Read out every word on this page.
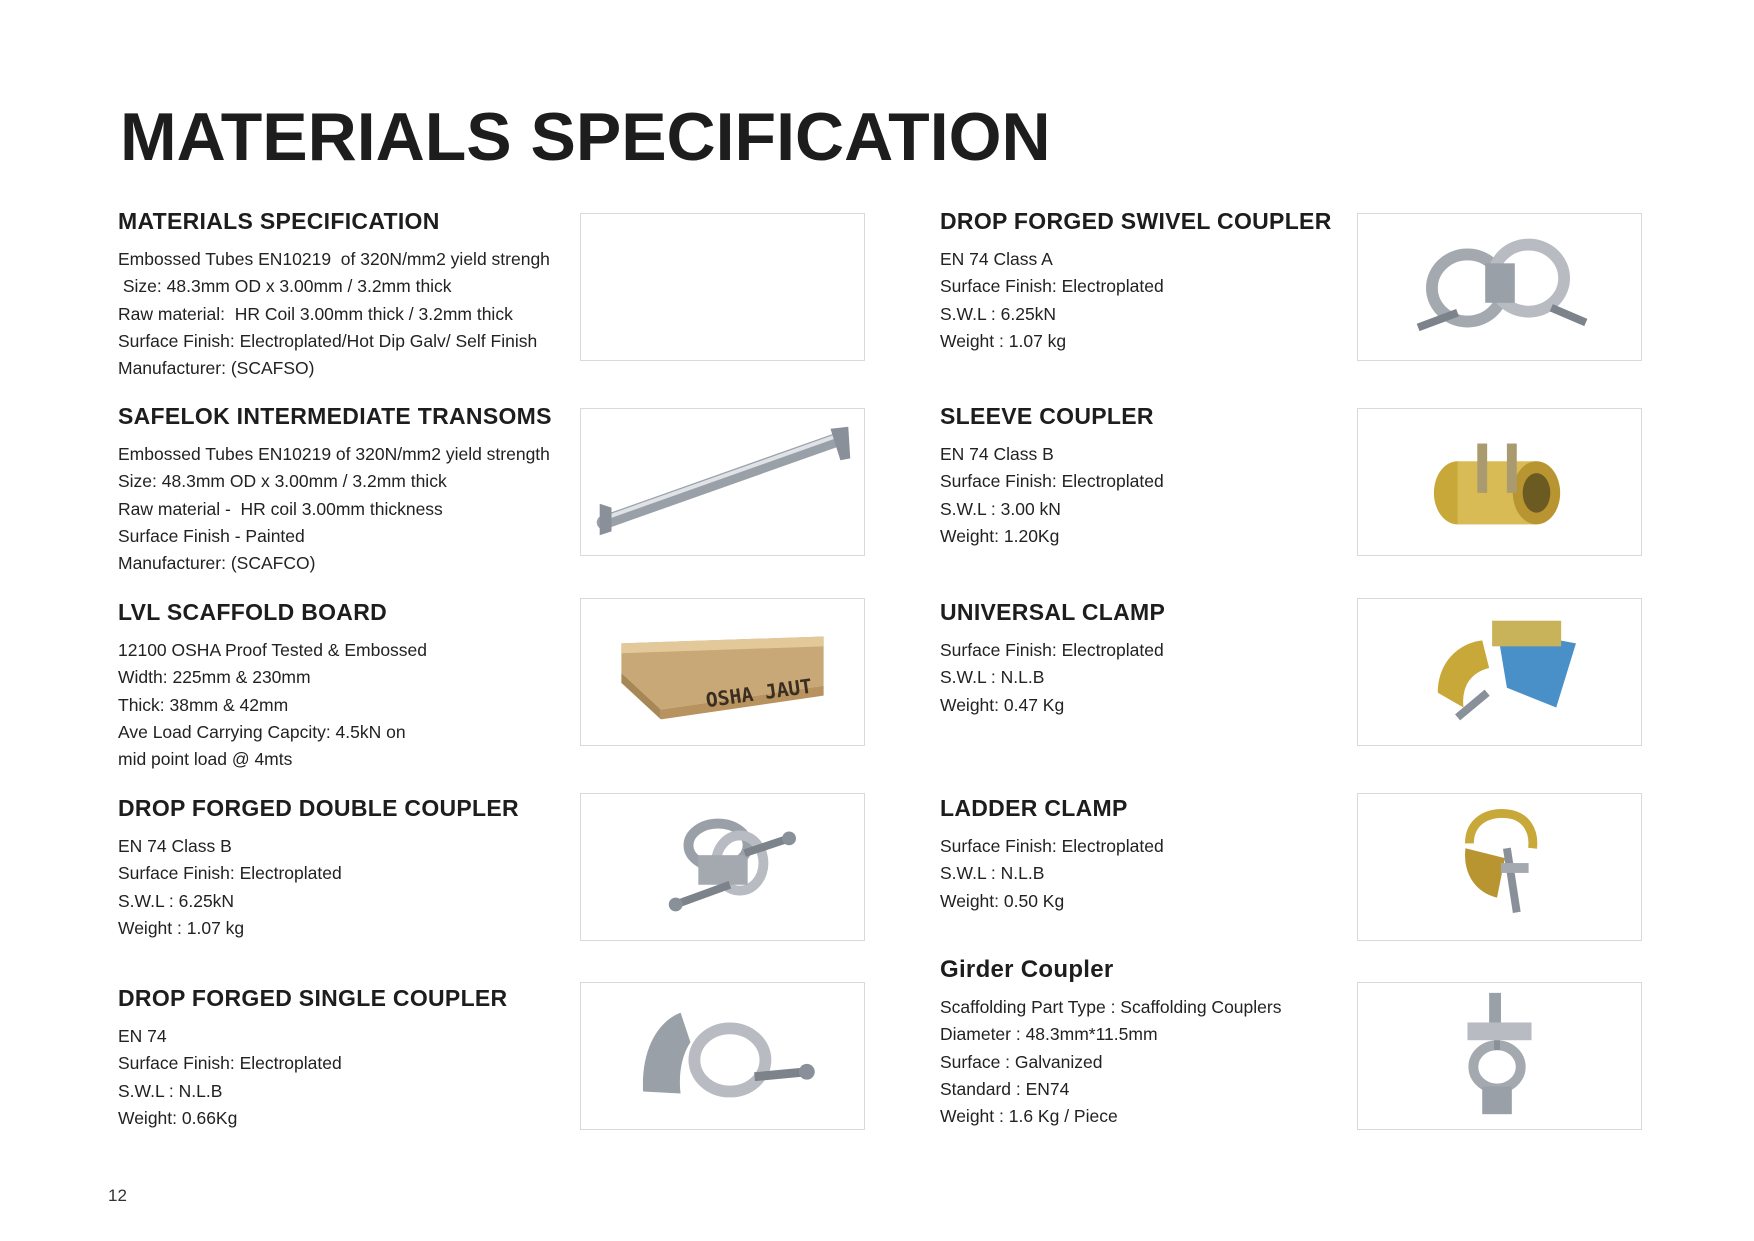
MATERIALS SPECIFICATION
MATERIALS SPECIFICATION
Embossed Tubes EN10219  of 320N/mm2 yield strengh
Size: 48.3mm OD x 3.00mm / 3.2mm thick
Raw material:  HR Coil 3.00mm thick / 3.2mm thick
Surface Finish: Electroplated/Hot Dip Galv/ Self Finish
Manufacturer: (SCAFSO)
SAFELOK INTERMEDIATE TRANSOMS
Embossed Tubes EN10219 of 320N/mm2 yield strength
Size: 48.3mm OD x 3.00mm / 3.2mm thick
Raw material -  HR coil 3.00mm thickness
Surface Finish - Painted
Manufacturer: (SCAFCO)
LVL SCAFFOLD BOARD
12100 OSHA Proof Tested & Embossed
Width: 225mm & 230mm
Thick: 38mm & 42mm
Ave Load Carrying Capcity: 4.5kN on
mid point load @ 4mts
OSHA JAUT
DROP FORGED DOUBLE COUPLER
EN 74 Class B
Surface Finish: Electroplated
S.W.L : 6.25kN
Weight : 1.07 kg
DROP FORGED SINGLE COUPLER
EN 74
Surface Finish: Electroplated
S.W.L : N.L.B
Weight: 0.66Kg
DROP FORGED SWIVEL COUPLER
EN 74 Class A
Surface Finish: Electroplated
S.W.L : 6.25kN
Weight : 1.07 kg
SLEEVE COUPLER
EN 74 Class B
Surface Finish: Electroplated
S.W.L : 3.00 kN
Weight: 1.20Kg
UNIVERSAL CLAMP
Surface Finish: Electroplated
S.W.L : N.L.B
Weight: 0.47 Kg
LADDER CLAMP
Surface Finish: Electroplated
S.W.L : N.L.B
Weight: 0.50 Kg
Girder Coupler
Scaffolding Part Type : Scaffolding Couplers
Diameter : 48.3mm*11.5mm
Surface : Galvanized
Standard : EN74
Weight : 1.6 Kg / Piece
12
